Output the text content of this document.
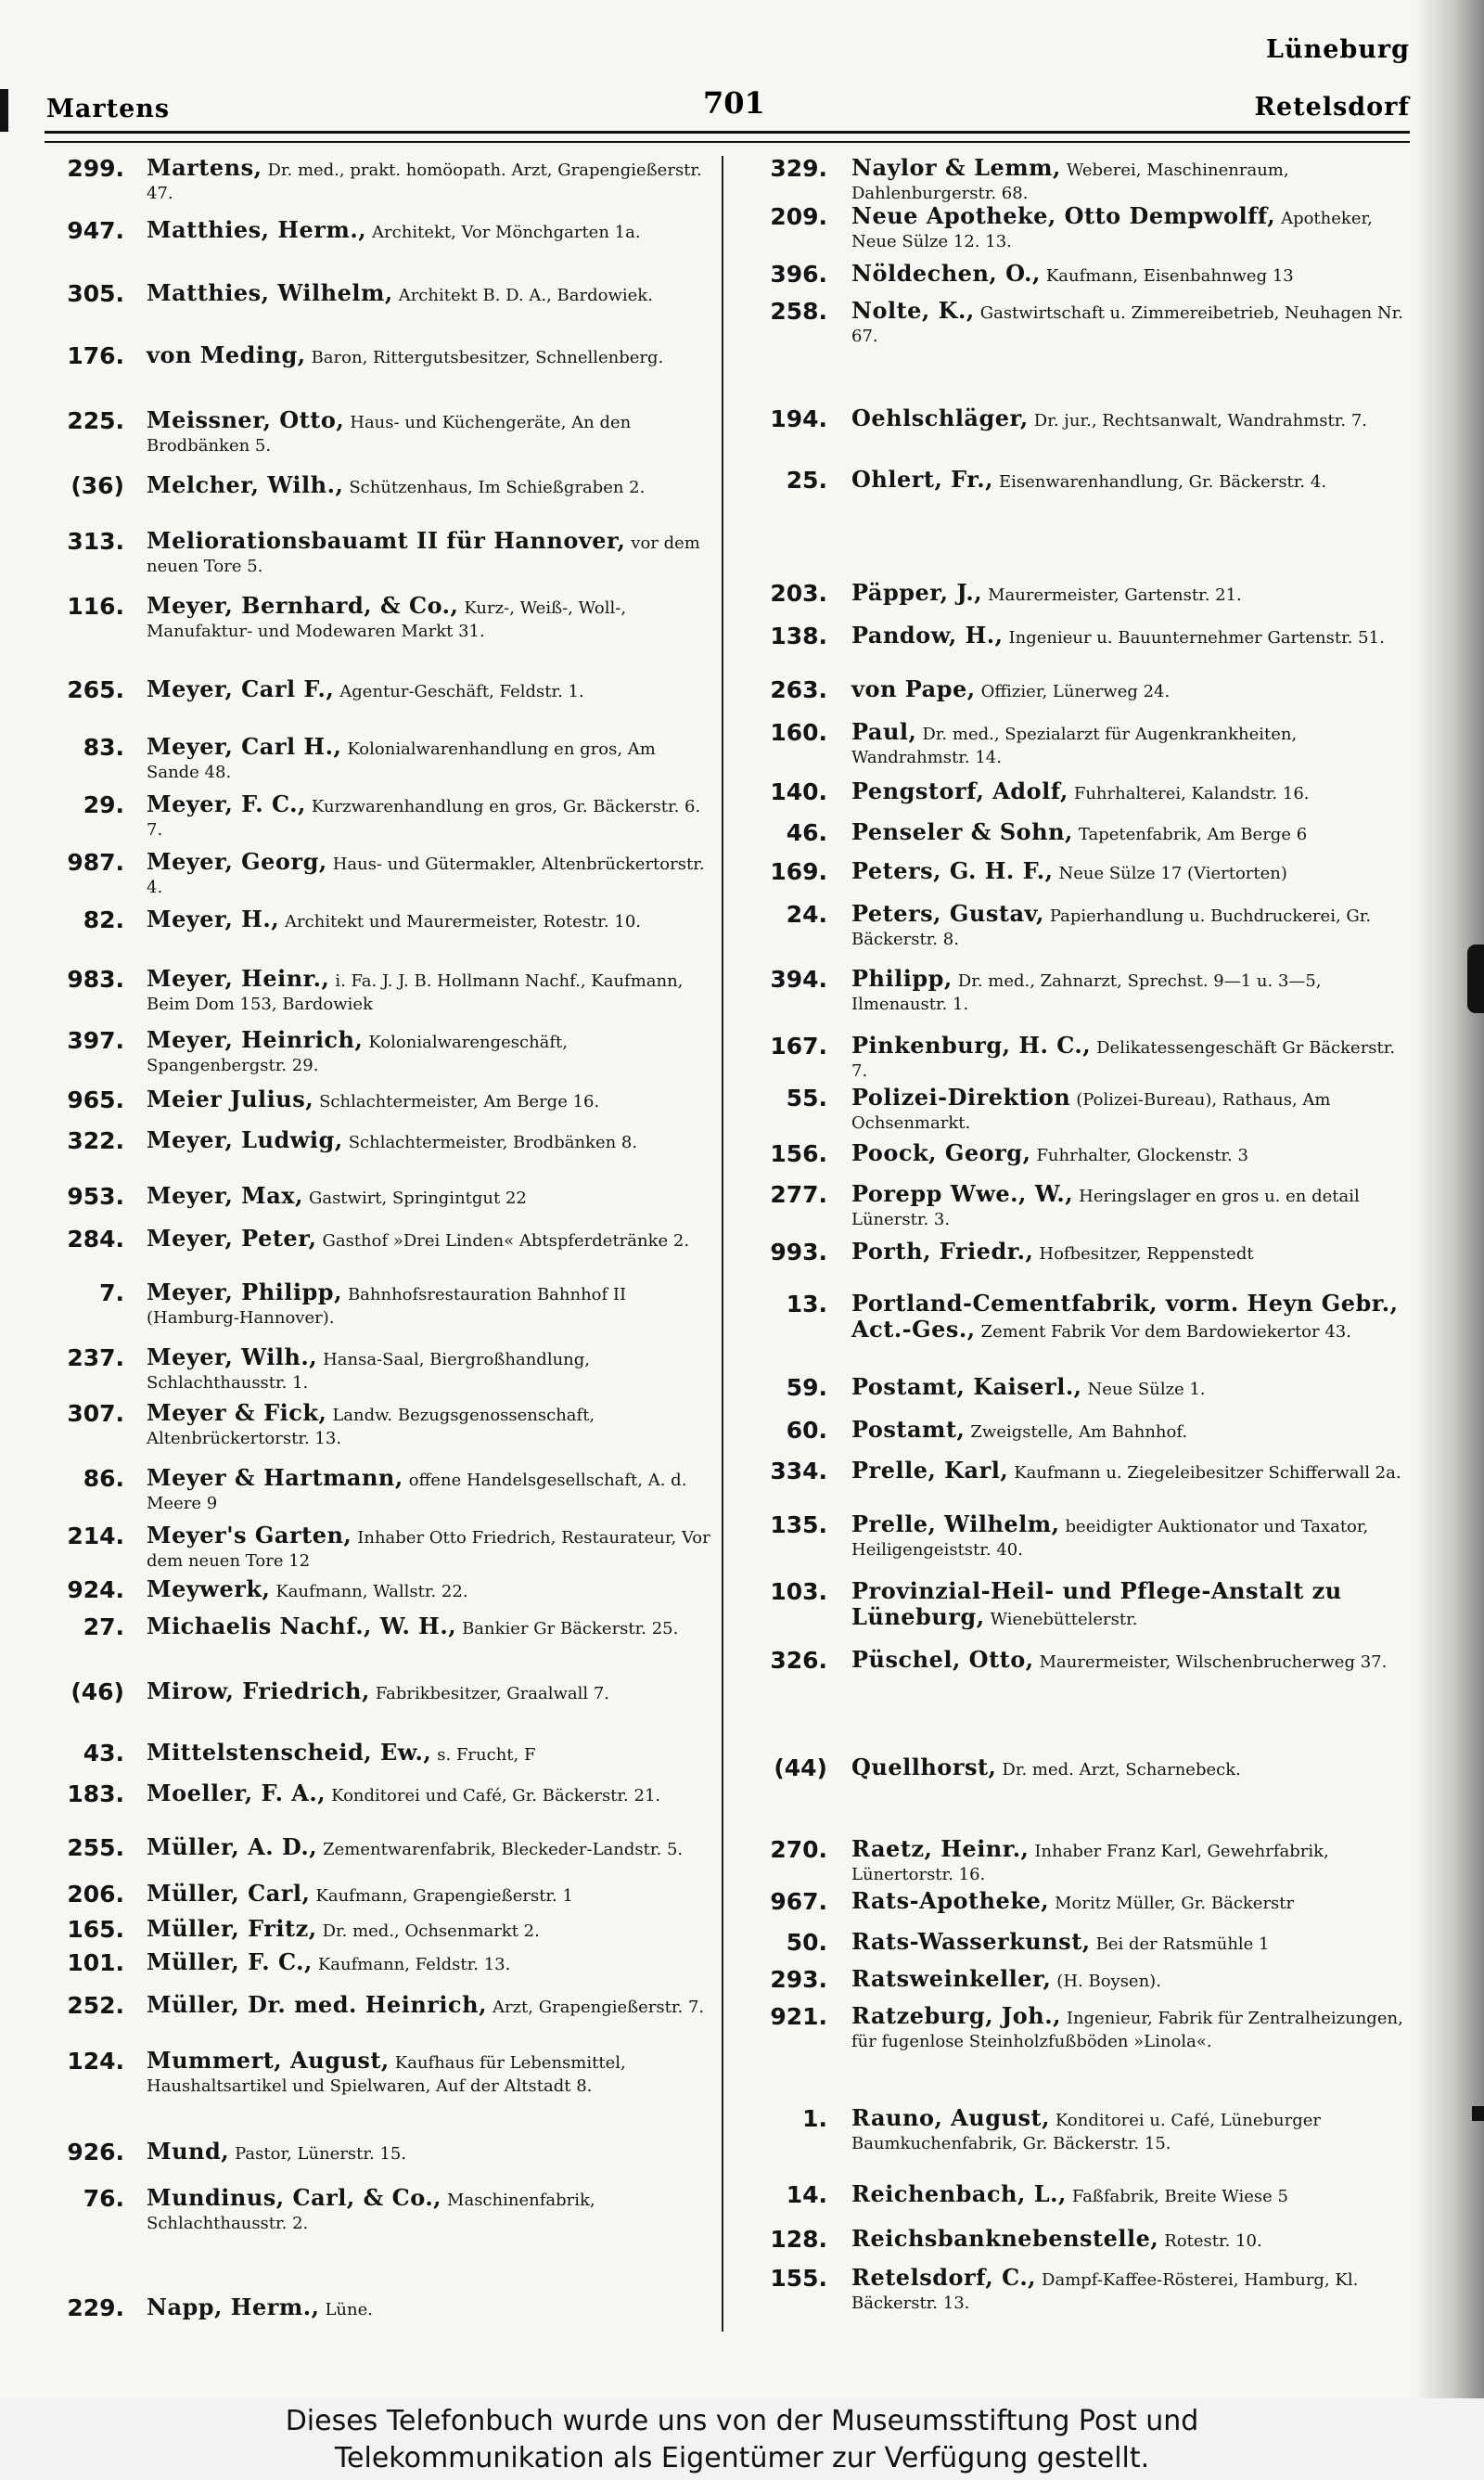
Lüneburg
Martens	701	Retelsdorf
299. Martens, Dr. med., prakt. homöopath. Arzt, Grapengießerstr. 47.
947. Matthies, Herm., Architekt, Vor Mönchgarten 1a.
305. Matthies, Wilhelm, Architekt B. D. A., Bardowiek.
176. von Meding, Baron, Rittergutsbesitzer, Schnellenberg.
225. Meissner, Otto, Haus- und Küchengeräte, An den Brodbänken 5.
(36) Melcher, Wilh., Schützenhaus, Im Schießgraben 2.
313. Meliorationsbauamt II für Hannover, vor dem neuen Tore 5.
116. Meyer, Bernhard, & Co., Kurz-, Weiß-, Woll-, Manufaktur- und Modewaren Markt 31.
265. Meyer, Carl F., Agentur-Geschäft, Feldstr. 1.
83. Meyer, Carl H., Kolonialwarenhandlung en gros, Am Sande 48.
29. Meyer, F. C., Kurzwarenhandlung en gros, Gr. Bäckerstr. 6. 7.
987. Meyer, Georg, Haus- und Gütermakler, Altenbrückertorstr. 4.
82. Meyer, H., Architekt und Maurermeister, Rotestr. 10.
983. Meyer, Heinr., i. Fa. J. J. B. Hollmann Nachf., Kaufmann, Beim Dom 153, Bardowiek
397. Meyer, Heinrich, Kolonialwarengeschäft, Spangenbergstr. 29.
965. Meier Julius, Schlachtermeister, Am Berge 16.
322. Meyer, Ludwig, Schlachtermeister, Brodbänken 8.
953. Meyer, Max, Gastwirt, Springintgut 22
284. Meyer, Peter, Gasthof »Drei Linden« Abtspferdetränke 2.
7. Meyer, Philipp, Bahnhofsrestauration Bahnhof II (Hamburg-Hannover).
237. Meyer, Wilh., Hansa-Saal, Biergroßhandlung, Schlachthausstr. 1.
307. Meyer & Fick, Landw. Bezugsgenossenschaft, Altenbrückertorstr. 13.
86. Meyer & Hartmann, offene Handelsgesellschaft, A. d. Meere 9
214. Meyer's Garten, Inhaber Otto Friedrich, Restaurateur, Vor dem neuen Tore 12
924. Meywerk, Kaufmann, Wallstr. 22.
27. Michaelis Nachf., W. H., Bankier Gr Bäckerstr. 25.
(46) Mirow, Friedrich, Fabrikbesitzer, Graalwall 7.
43. Mittelstenscheid, Ew., s. Frucht, F
183. Moeller, F. A., Konditorei und Café, Gr. Bäckerstr. 21.
255. Müller, A. D., Zementwarenfabrik, Bleckeder-Landstr. 5.
206. Müller, Carl, Kaufmann, Grapengießerstr. 1
165. Müller, Fritz, Dr. med., Ochsenmarkt 2.
101. Müller, F. C., Kaufmann, Feldstr. 13.
252. Müller, Dr. med. Heinrich, Arzt, Grapengießerstr. 7.
124. Mummert, August, Kaufhaus für Lebensmittel, Haushaltsartikel und Spielwaren, Auf der Altstadt 8.
926. Mund, Pastor, Lünerstr. 15.
76. Mundinus, Carl, & Co., Maschinenfabrik, Schlachthausstr. 2.
229. Napp, Herm., Lüne.
329. Naylor & Lemm, Weberei, Maschinenraum, Dahlenburgerstr. 68.
209. Neue Apotheke, Otto Dempwolff, Apotheker, Neue Sülze 12. 13.
396. Nöldechen, O., Kaufmann, Eisenbahnweg 13
258. Nolte, K., Gastwirtschaft u. Zimmereibetrieb, Neuhagen Nr. 67.
194. Oehlschläger, Dr. jur., Rechtsanwalt, Wandrahmstr. 7.
25. Ohlert, Fr., Eisenwarenhandlung, Gr. Bäckerstr. 4.
203. Päpper, J., Maurermeister, Gartenstr. 21.
138. Pandow, H., Ingenieur u. Bauunternehmer Gartenstr. 51.
263. von Pape, Offizier, Lünerweg 24.
160. Paul, Dr. med., Spezialarzt für Augenkrankheiten, Wandrahmstr. 14.
140. Pengstorf, Adolf, Fuhrhalterei, Kalandstr. 16.
46. Penseler & Sohn, Tapetenfabrik, Am Berge 6
169. Peters, G. H. F., Neue Sülze 17 (Viertorten)
24. Peters, Gustav, Papierhandlung u. Buchdruckerei, Gr. Bäckerstr. 8.
394. Philipp, Dr. med., Zahnarzt, Sprechst. 9—1 u. 3—5, Ilmenaustr. 1.
167. Pinkenburg, H. C., Delikatessengeschäft Gr Bäckerstr. 7.
55. Polizei-Direktion (Polizei-Bureau), Rathaus, Am Ochsenmarkt.
156. Poock, Georg, Fuhrhalter, Glockenstr. 3
277. Porepp Wwe., W., Heringslager en gros u. en detail Lünerstr. 3.
993. Porth, Friedr., Hofbesitzer, Reppenstedt
13. Portland-Cementfabrik, vorm. Heyn Gebr., Act.-Ges., Zement Fabrik Vor dem Bardowiekertor 43.
59. Postamt, Kaiserl., Neue Sülze 1.
60. Postamt, Zweigstelle, Am Bahnhof.
334. Prelle, Karl, Kaufmann u. Ziegeleibesitzer Schifferwall 2a.
135. Prelle, Wilhelm, beeidigter Auktionator und Taxator, Heiligengeiststr. 40.
103. Provinzial-Heil- und Pflege-Anstalt zu Lüneburg, Wienebüttelerstr.
326. Püschel, Otto, Maurermeister, Wilschenbrucherweg 37.
(44) Quellhorst, Dr. med. Arzt, Scharnebeck.
270. Raetz, Heinr., Inhaber Franz Karl, Gewehrfabrik, Lünertorstr. 16.
967. Rats-Apotheke, Moritz Müller, Gr. Bäckerstr
50. Rats-Wasserkunst, Bei der Ratsmühle 1
293. Ratsweinkeller, (H. Boysen).
921. Ratzeburg, Joh., Ingenieur, Fabrik für Zentralheizungen, für fugenlose Steinholzfußböden »Linola«.
1. Rauno, August, Konditorei u. Café, Lüneburger Baumkuchenfabrik, Gr. Bäckerstr. 15.
14. Reichenbach, L., Faßfabrik, Breite Wiese 5
128. Reichsbanknebenstelle, Rotestr. 10.
155. Retelsdorf, C., Dampf-Kaffee-Rösterei, Hamburg, Kl. Bäckerstr. 13.
Dieses Telefonbuch wurde uns von der Museumsstiftung Post und
Telekommunikation als Eigentümer zur Verfügung gestellt.
